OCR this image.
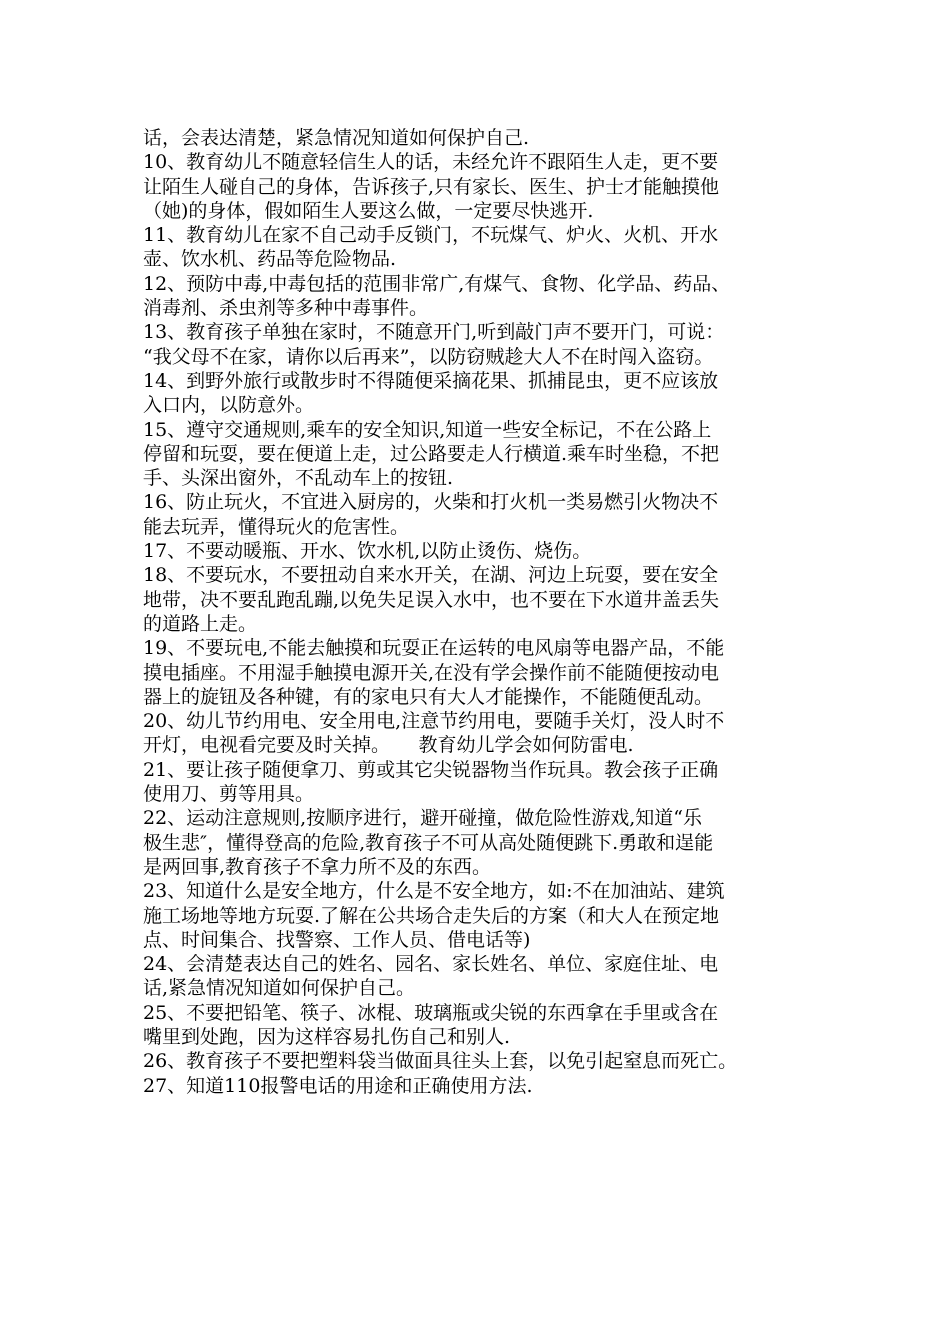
话，会表达清楚，紧急情况知道如何保护自己.
10、教育幼儿不随意轻信生人的话，未经允许不跟陌生人走，更不要
让陌生人碰自己的身体，告诉孩子,只有家长、医生、护士才能触摸他
（她)的身体，假如陌生人要这么做，一定要尽快逃开.
11、教育幼儿在家不自己动手反锁门，不玩煤气、炉火、火机、开水
壶、饮水机、药品等危险物品.
12、预防中毒,中毒包括的范围非常广,有煤气、食物、化学品、药品、
消毒剂、杀虫剂等多种中毒事件。
13、教育孩子单独在家时，不随意开门,听到敲门声不要开门，可说：
“我父母不在家，请你以后再来”，以防窃贼趁大人不在时闯入盗窃。
14、到野外旅行或散步时不得随便采摘花果、抓捕昆虫，更不应该放
入口内，以防意外。
15、遵守交通规则,乘车的安全知识,知道一些安全标记，不在公路上
停留和玩耍，要在便道上走，过公路要走人行横道.乘车时坐稳，不把
手、头深出窗外，不乱动车上的按钮.
16、防止玩火，不宜进入厨房的，火柴和打火机一类易燃引火物决不
能去玩弄，懂得玩火的危害性。
17、不要动暖瓶、开水、饮水机,以防止烫伤、烧伤。
18、不要玩水，不要扭动自来水开关，在湖、河边上玩耍，要在安全
地带，决不要乱跑乱蹦,以免失足误入水中，也不要在下水道井盖丢失
的道路上走。
19、不要玩电,不能去触摸和玩耍正在运转的电风扇等电器产品，不能
摸电插座。不用湿手触摸电源开关,在没有学会操作前不能随便按动电
器上的旋钮及各种键，有的家电只有大人才能操作，不能随便乱动。
20、幼儿节约用电、安全用电,注意节约用电，要随手关灯，没人时不
开灯，电视看完要及时关掉。　　教育幼儿学会如何防雷电.
21、要让孩子随便拿刀、剪或其它尖锐器物当作玩具。教会孩子正确
使用刀、剪等用具。
22、运动注意规则,按顺序进行，避开碰撞，做危险性游戏,知道“乐
极生悲″，懂得登高的危险,教育孩子不可从高处随便跳下.勇敢和逞能
是两回事,教育孩子不拿力所不及的东西。
23、知道什么是安全地方，什么是不安全地方，如:不在加油站、建筑
施工场地等地方玩耍.了解在公共场合走失后的方案（和大人在预定地
点、时间集合、找警察、工作人员、借电话等)
24、会清楚表达自己的姓名、园名、家长姓名、单位、家庭住址、电
话,紧急情况知道如何保护自己。
25、不要把铅笔、筷子、冰棍、玻璃瓶或尖锐的东西拿在手里或含在
嘴里到处跑，因为这样容易扎伤自己和别人.
26、教育孩子不要把塑料袋当做面具往头上套，以免引起窒息而死亡。
27、知道110报警电话的用途和正确使用方法.
